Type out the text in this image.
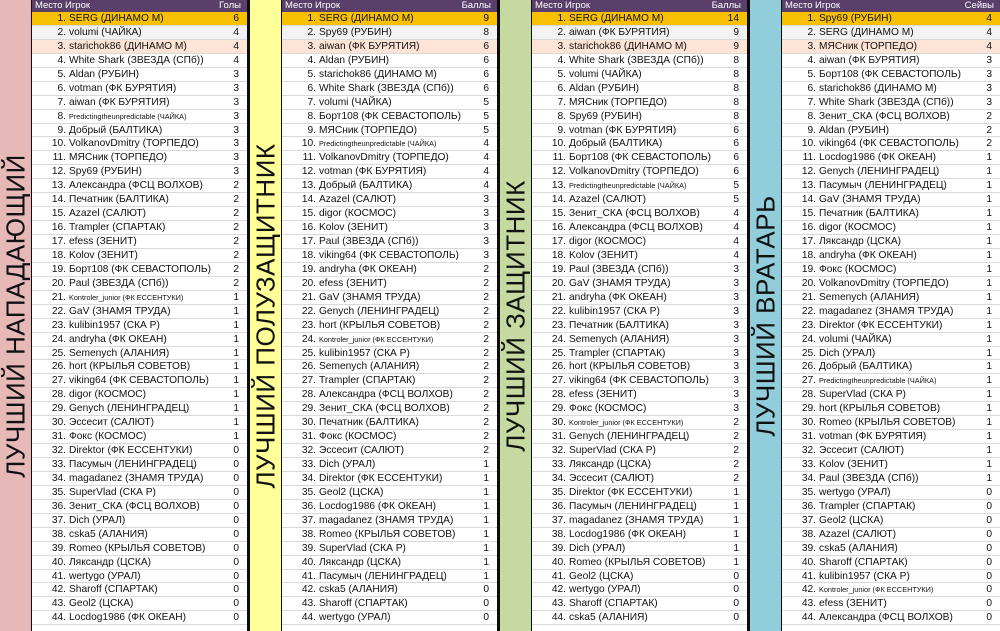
ЛУЧШИЙ НАПАДАЮЩИЙ
Место Игрок	Голы
1. SERG (ДИНАМО М)	6
2. volumi (ЧАЙКА)	4
3. starichok86 (ДИНАМО М)	4
4. White Shark (ЗВЕЗДА (СПб))	4
5. Aldan (РУБИН)	3
6. votman (ФК БУРЯТИЯ)	3
7. aiwan (ФК БУРЯТИЯ)	3
8. Predictingtheunpredictable (ЧАЙКА)	3
9. Добрый (БАЛТИКА)	3
10. VolkanovDmitry (ТОРПЕДО)	3
11. МЯСник (ТОРПЕДО)	3
12. Spy69 (РУБИН)	3
13. Александра (ФСЦ ВОЛХОВ)	2
14. Печатник (БАЛТИКА)	2
15. Azazel (САЛЮТ)	2
16. Trampler (СПАРТАК)	2
17. efess (ЗЕНИТ)	2
18. Kolov (ЗЕНИТ)	2
19. Борт108 (ФК СЕВАСТОПОЛЬ) 2
20. Paul (ЗВЕЗДА (СПб))	2
21. Kontroler_junior (ФК ЕССЕНТУКИ)	1
22. GaV (ЗНАМЯ ТРУДА)	1
23. kulibin1957 (СКА Р)	1
24. andryha (ФК ОКЕАН)	1
25. Semenych (АЛАНИЯ)	1
26. hort (КРЫЛЬЯ СОВЕТОВ)	1
27. viking64 (ФК СЕВАСТОПОЛЬ) 1
28. digor (КОСМОС)	1
29. Genych (ЛЕНИНГРАДЕЦ)	1
30. Эссесит (САЛЮТ)	1
31. Фокс (КОСМОС)	1
32. Direktor (ФК ЕССЕНТУКИ)	0
33. Пасумыч (ЛЕНИНГРАДЕЦ)	0
34. magadanez (ЗНАМЯ ТРУДА)	0
35. SuperVlad (СКА Р)	0
36. Зенит_СКА (ФСЦ ВОЛХОВ)	0
37. Dich (УРАЛ)	0
38. cska5 (АЛАНИЯ)	0
39. Romeo (КРЫЛЬЯ СОВЕТОВ)	0
40. Ляксандр (ЦСКА)	0
41. wertygo (УРАЛ)	0
42. Sharoff (СПАРТАК)	0
43. Geol2 (ЦСКА)	0
44. Locdog1986 (ФК ОКЕАН)	0
ЛУЧШИЙ ПОЛУЗАЩИТНИК
Место Игрок	Баллы
1. SERG (ДИНАМО М)	9
2. Spy69 (РУБИН)	8
3. aiwan (ФК БУРЯТИЯ)	6
4. Aldan (РУБИН)	6
5. starichok86 (ДИНАМО М)	6
6. White Shark (ЗВЕЗДА (СПб))	6
7. volumi (ЧАЙКА)	5
8. Борт108 (ФК СЕВАСТОПОЛЬ) 5
9. МЯСник (ТОРПЕДО)	5
10. Predictingtheunpredictable (ЧАЙКА)	4
11. VolkanovDmitry (ТОРПЕДО)	4
12. votman (ФК БУРЯТИЯ)	4
13. Добрый (БАЛТИКА)	4
14. Azazel (САЛЮТ)	3
15. digor (КОСМОС)	3
16. Kolov (ЗЕНИТ)	3
17. Paul (ЗВЕЗДА (СПб))	3
18. viking64 (ФК СЕВАСТОПОЛЬ) 3
19. andryha (ФК ОКЕАН)	2
20. efess (ЗЕНИТ)	2
21. GaV (ЗНАМЯ ТРУДА)	2
22. Genych (ЛЕНИНГРАДЕЦ)	2
23. hort (КРЫЛЬЯ СОВЕТОВ)	2
24. Kontroler_junior (ФК ЕССЕНТУКИ)	2
25. kulibin1957 (СКА Р)	2
26. Semenych (АЛАНИЯ)	2
27. Trampler (СПАРТАК)	2
28. Александра (ФСЦ ВОЛХОВ)	2
29. Зенит_СКА (ФСЦ ВОЛХОВ)	2
30. Печатник (БАЛТИКА)	2
31. Фокс (КОСМОС)	2
32. Эссесит (САЛЮТ)	2
33. Dich (УРАЛ)	1
34. Direktor (ФК ЕССЕНТУКИ)	1
35. Geol2 (ЦСКА)	1
36. Locdog1986 (ФК ОКЕАН)	1
37. magadanez (ЗНАМЯ ТРУДА)	1
38. Romeo (КРЫЛЬЯ СОВЕТОВ)	1
39. SuperVlad (СКА Р)	1
40. Ляксандр (ЦСКА)	1
41. Пасумыч (ЛЕНИНГРАДЕЦ)	1
42. cska5 (АЛАНИЯ)	0
43. Sharoff (СПАРТАК)	0
44. wertygo (УРАЛ)	0
ЛУЧШИЙ ЗАЩИТНИК
Место Игрок	Баллы
1. SERG (ДИНАМО М)	14
2. aiwan (ФК БУРЯТИЯ)	9
3. starichok86 (ДИНАМО М)	9
4. White Shark (ЗВЕЗДА (СПб))	8
5. volumi (ЧАЙКА)	8
6. Aldan (РУБИН)	8
7. МЯСник (ТОРПЕДО)	8
8. Spy69 (РУБИН)	8
9. votman (ФК БУРЯТИЯ)	6
10. Добрый (БАЛТИКА)	6
11. Борт108 (ФК СЕВАСТОПОЛЬ) 6
12. VolkanovDmitry (ТОРПЕДО)	6
13. Predictingtheunpredictable (ЧАЙКА)	5
14. Azazel (САЛЮТ)	5
15. Зенит_СКА (ФСЦ ВОЛХОВ)	4
16. Александра (ФСЦ ВОЛХОВ)	4
17. digor (КОСМОС)	4
18. Kolov (ЗЕНИТ)	4
19. Paul (ЗВЕЗДА (СПб))	3
20. GaV (ЗНАМЯ ТРУДА)	3
21. andryha (ФК ОКЕАН)	3
22. kulibin1957 (СКА Р)	3
23. Печатник (БАЛТИКА)	3
24. Semenych (АЛАНИЯ)	3
25. Trampler (СПАРТАК)	3
26. hort (КРЫЛЬЯ СОВЕТОВ)	3
27. viking64 (ФК СЕВАСТОПОЛЬ) 3
28. efess (ЗЕНИТ)	3
29. Фокс (КОСМОС)	3
30. Kontroler_junior (ФК ЕССЕНТУКИ)	2
31. Genych (ЛЕНИНГРАДЕЦ)	2
32. SuperVlad (СКА Р)	2
33. Ляксандр (ЦСКА)	2
34. Эссесит (САЛЮТ)	2
35. Direktor (ФК ЕССЕНТУКИ)	1
36. Пасумыч (ЛЕНИНГРАДЕЦ)	1
37. magadanez (ЗНАМЯ ТРУДА)	1
38. Locdog1986 (ФК ОКЕАН)	1
39. Dich (УРАЛ)	1
40. Romeo (КРЫЛЬЯ СОВЕТОВ)	1
41. Geol2 (ЦСКА)	0
42. wertygo (УРАЛ)	0
43. Sharoff (СПАРТАК)	0
44. cska5 (АЛАНИЯ)	0
ЛУЧШИЙ ВРАТАРЬ
Место Игрок	Сейвы
1. Spy69 (РУБИН)	4
2. SERG (ДИНАМО М)	4
3. МЯСник (ТОРПЕДО)	4
4. aiwan (ФК БУРЯТИЯ)	3
5. Борт108 (ФК СЕВАСТОПОЛЬ) 3
6. starichok86 (ДИНАМО М)	3
7. White Shark (ЗВЕЗДА (СПб))	3
8. Зенит_СКА (ФСЦ ВОЛХОВ)	2
9. Aldan (РУБИН)	2
10. viking64 (ФК СЕВАСТОПОЛЬ)	2
11. Locdog1986 (ФК ОКЕАН)	1
12. Genych (ЛЕНИНГРАДЕЦ)	1
13. Пасумыч (ЛЕНИНГРАДЕЦ)	1
14. GaV (ЗНАМЯ ТРУДА)	1
15. Печатник (БАЛТИКА)	1
16. digor (КОСМОС)	1
17. Ляксандр (ЦСКА)	1
18. andryha (ФК ОКЕАН)	1
19. Фокс (КОСМОС)	1
20. VolkanovDmitry (ТОРПЕДО)	1
21. Semenych (АЛАНИЯ)	1
22. magadanez (ЗНАМЯ ТРУДА)	1
23. Direktor (ФК ЕССЕНТУКИ)	1
24. volumi (ЧАЙКА)	1
25. Dich (УРАЛ)	1
26. Добрый (БАЛТИКА)	1
27. Predictingtheunpredictable (ЧАЙКА)	1
28. SuperVlad (СКА Р)	1
29. hort (КРЫЛЬЯ СОВЕТОВ)	1
30. Romeo (КРЫЛЬЯ СОВЕТОВ)	1
31. votman (ФК БУРЯТИЯ)	1
32. Эссесит (САЛЮТ)	1
33. Kolov (ЗЕНИТ)	1
34. Paul (ЗВЕЗДА (СПб))	1
35. wertygo (УРАЛ)	0
36. Trampler (СПАРТАК)	0
37. Geol2 (ЦСКА)	0
38. Azazel (САЛЮТ)	0
39. cska5 (АЛАНИЯ)	0
40. Sharoff (СПАРТАК)	0
41. kulibin1957 (СКА Р)	0
42. Kontroler_junior (ФК ЕССЕНТУКИ)	0
43. efess (ЗЕНИТ)	0
44. Александра (ФСЦ ВОЛХОВ)	0
